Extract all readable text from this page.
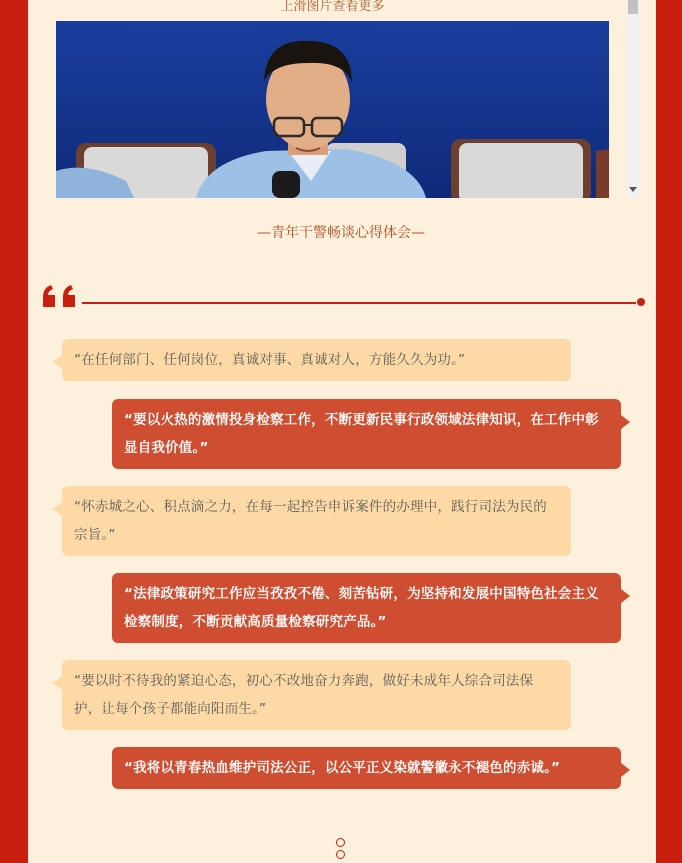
上滑图片查看更多
—青年干警畅谈心得体会—
“在任何部门、任何岗位，真诚对事、真诚对人，方能久久为功。”
“要以火热的激情投身检察工作，不断更新民事行政领域法律知识，在工作中彰显自我价值。”
“怀赤城之心、积点滴之力，在每一起控告申诉案件的办理中，践行司法为民的宗旨。”
“法律政策研究工作应当孜孜不倦、刻苦钻研，为坚持和发展中国特色社会主义检察制度，不断贡献高质量检察研究产品。”
“要以时不待我的紧迫心态，初心不改地奋力奔跑，做好未成年人综合司法保护，让每个孩子都能向阳而生。”
“我将以青春热血维护司法公正，以公平正义染就警徽永不褪色的赤诚。”
